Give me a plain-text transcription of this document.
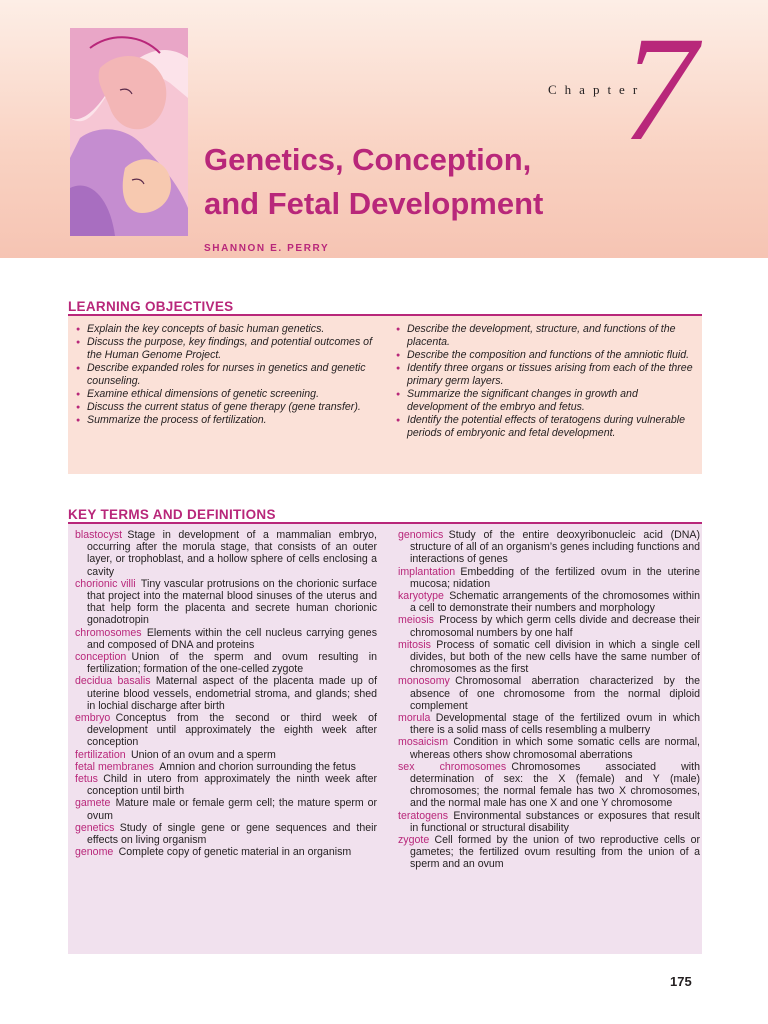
Chapter
7
Genetics, Conception,
and Fetal Development
SHANNON E. PERRY
LEARNING OBJECTIVES
● Explain the key concepts of basic human genetics.
● Discuss the purpose, key findings, and potential outcomes of the Human Genome Project.
● Describe expanded roles for nurses in genetics and genetic counseling.
● Examine ethical dimensions of genetic screening.
● Discuss the current status of gene therapy (gene transfer).
● Summarize the process of fertilization.
● Describe the development, structure, and functions of the placenta.
● Describe the composition and functions of the amniotic fluid.
● Identify three organs or tissues arising from each of the three primary germ layers.
● Summarize the significant changes in growth and development of the embryo and fetus.
● Identify the potential effects of teratogens during vulnerable periods of embryonic and fetal development.
KEY TERMS AND DEFINITIONS

blastocyst  Stage in development of a mammalian embryo, occurring after the morula stage, that consists of an outer layer, or trophoblast, and a hollow sphere of cells enclosing a cavity

chorionic villi  Tiny vascular protrusions on the chorionic surface that project into the maternal blood sinuses of the uterus and that help form the placenta and secrete human chorionic gonadotropin

chromosomes  Elements within the cell nucleus carrying genes and composed of DNA and proteins

conception  Union of the sperm and ovum resulting in fertilization; formation of the one-celled zygote

decidua basalis  Maternal aspect of the placenta made up of uterine blood vessels, endometrial stroma, and glands; shed in lochial discharge after birth

embryo  Conceptus from the second or third week of development until approximately the eighth week after conception

fertilization  Union of an ovum and a sperm

fetal membranes  Amnion and chorion surrounding the fetus

fetus  Child in utero from approximately the ninth week after conception until birth

gamete  Mature male or female germ cell; the mature sperm or ovum

genetics  Study of single gene or gene sequences and their effects on living organism

genome  Complete copy of genetic material in an organism

genomics  Study of the entire deoxyribonucleic acid (DNA) structure of all of an organism’s genes including functions and interactions of genes

implantation  Embedding of the fertilized ovum in the uterine mucosa; nidation

karyotype  Schematic arrangements of the chromosomes within a cell to demonstrate their numbers and morphology

meiosis  Process by which germ cells divide and decrease their chromosomal numbers by one half

mitosis  Process of somatic cell division in which a single cell divides, but both of the new cells have the same number of chromosomes as the first

monosomy  Chromosomal aberration characterized by the absence of one chromosome from the normal diploid complement

morula  Developmental stage of the fertilized ovum in which there is a solid mass of cells resembling a mulberry

mosaicism  Condition in which some somatic cells are normal, whereas others show chromosomal aberrations

sex chromosomes  Chromosomes associated with determination of sex: the X (female) and Y (male) chromosomes; the normal female has two X chromosomes, and the normal male has one X and one Y chromosome

teratogens  Environmental substances or exposures that result in functional or structural disability

zygote  Cell formed by the union of two reproductive cells or gametes; the fertilized ovum resulting from the union of a sperm and an ovum

175
